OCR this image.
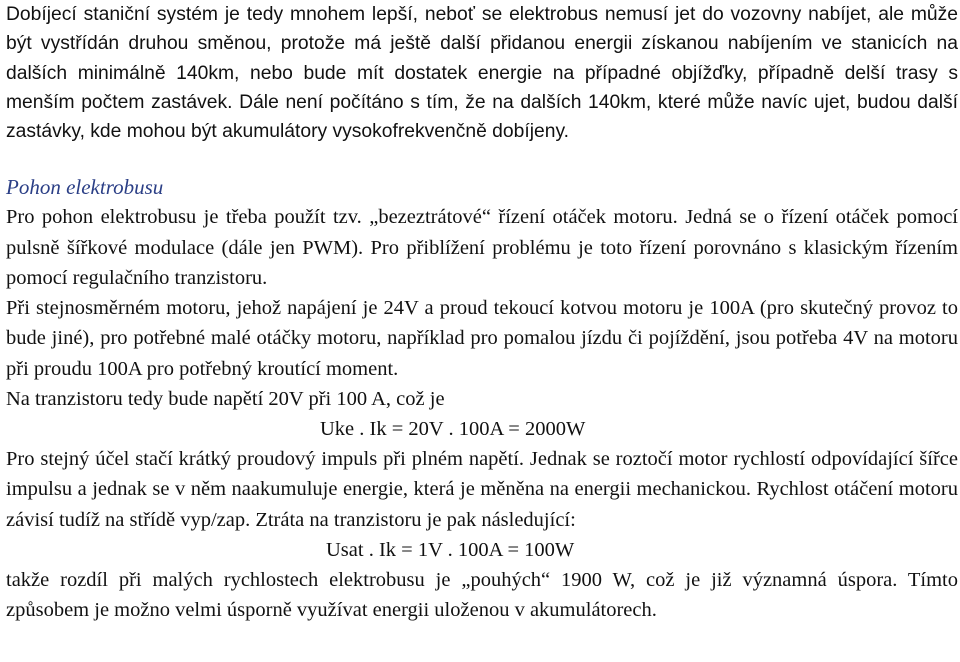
Dobíjecí staniční systém je tedy mnohem lepší, neboť se elektrobus nemusí jet do vozovny nabíjet, ale může být vystřídán druhou směnou, protože má ještě další přidanou energii získanou nabíjením ve stanicích na dalších minimálně 140km, nebo bude mít dostatek energie na případné objížďky, případně delší trasy s menším počtem zastávek. Dále není počítáno s tím, že na dalších 140km, které může navíc ujet, budou další zastávky, kde mohou být akumulátory vysokofrekvenčně dobíjeny.

Pohon elektrobusu

Pro pohon elektrobusu je třeba použít tzv. „bezeztrátové“ řízení otáček motoru. Jedná se o řízení otáček pomocí pulsně šířkové modulace (dále jen PWM). Pro přiblížení problému je toto řízení porovnáno s klasickým řízením pomocí regulačního tranzistoru.

Při stejnosměrném motoru, jehož napájení je 24V a proud tekoucí kotvou motoru je 100A (pro skutečný provoz to bude jiné), pro potřebné malé otáčky motoru, například pro pomalou jízdu či pojíždění, jsou potřeba 4V na motoru při proudu 100A pro potřebný kroutící moment.

Na tranzistoru tedy bude napětí 20V při 100 A, což je

Uke . Ik = 20V . 100A = 2000W

Pro stejný účel stačí krátký proudový impuls při plném napětí. Jednak se roztočí motor rychlostí odpovídající šířce impulsu a jednak se v něm naakumuluje energie, která je měněna na energii mechanickou. Rychlost otáčení motoru závisí tudíž na střídě vyp/zap. Ztráta na tranzistoru je pak následující:

Usat . Ik = 1V . 100A = 100W

takže rozdíl při malých rychlostech elektrobusu je „pouhých“ 1900 W, což je již významná úspora. Tímto způsobem je možno velmi úsporně využívat energii uloženou v akumulátorech.
